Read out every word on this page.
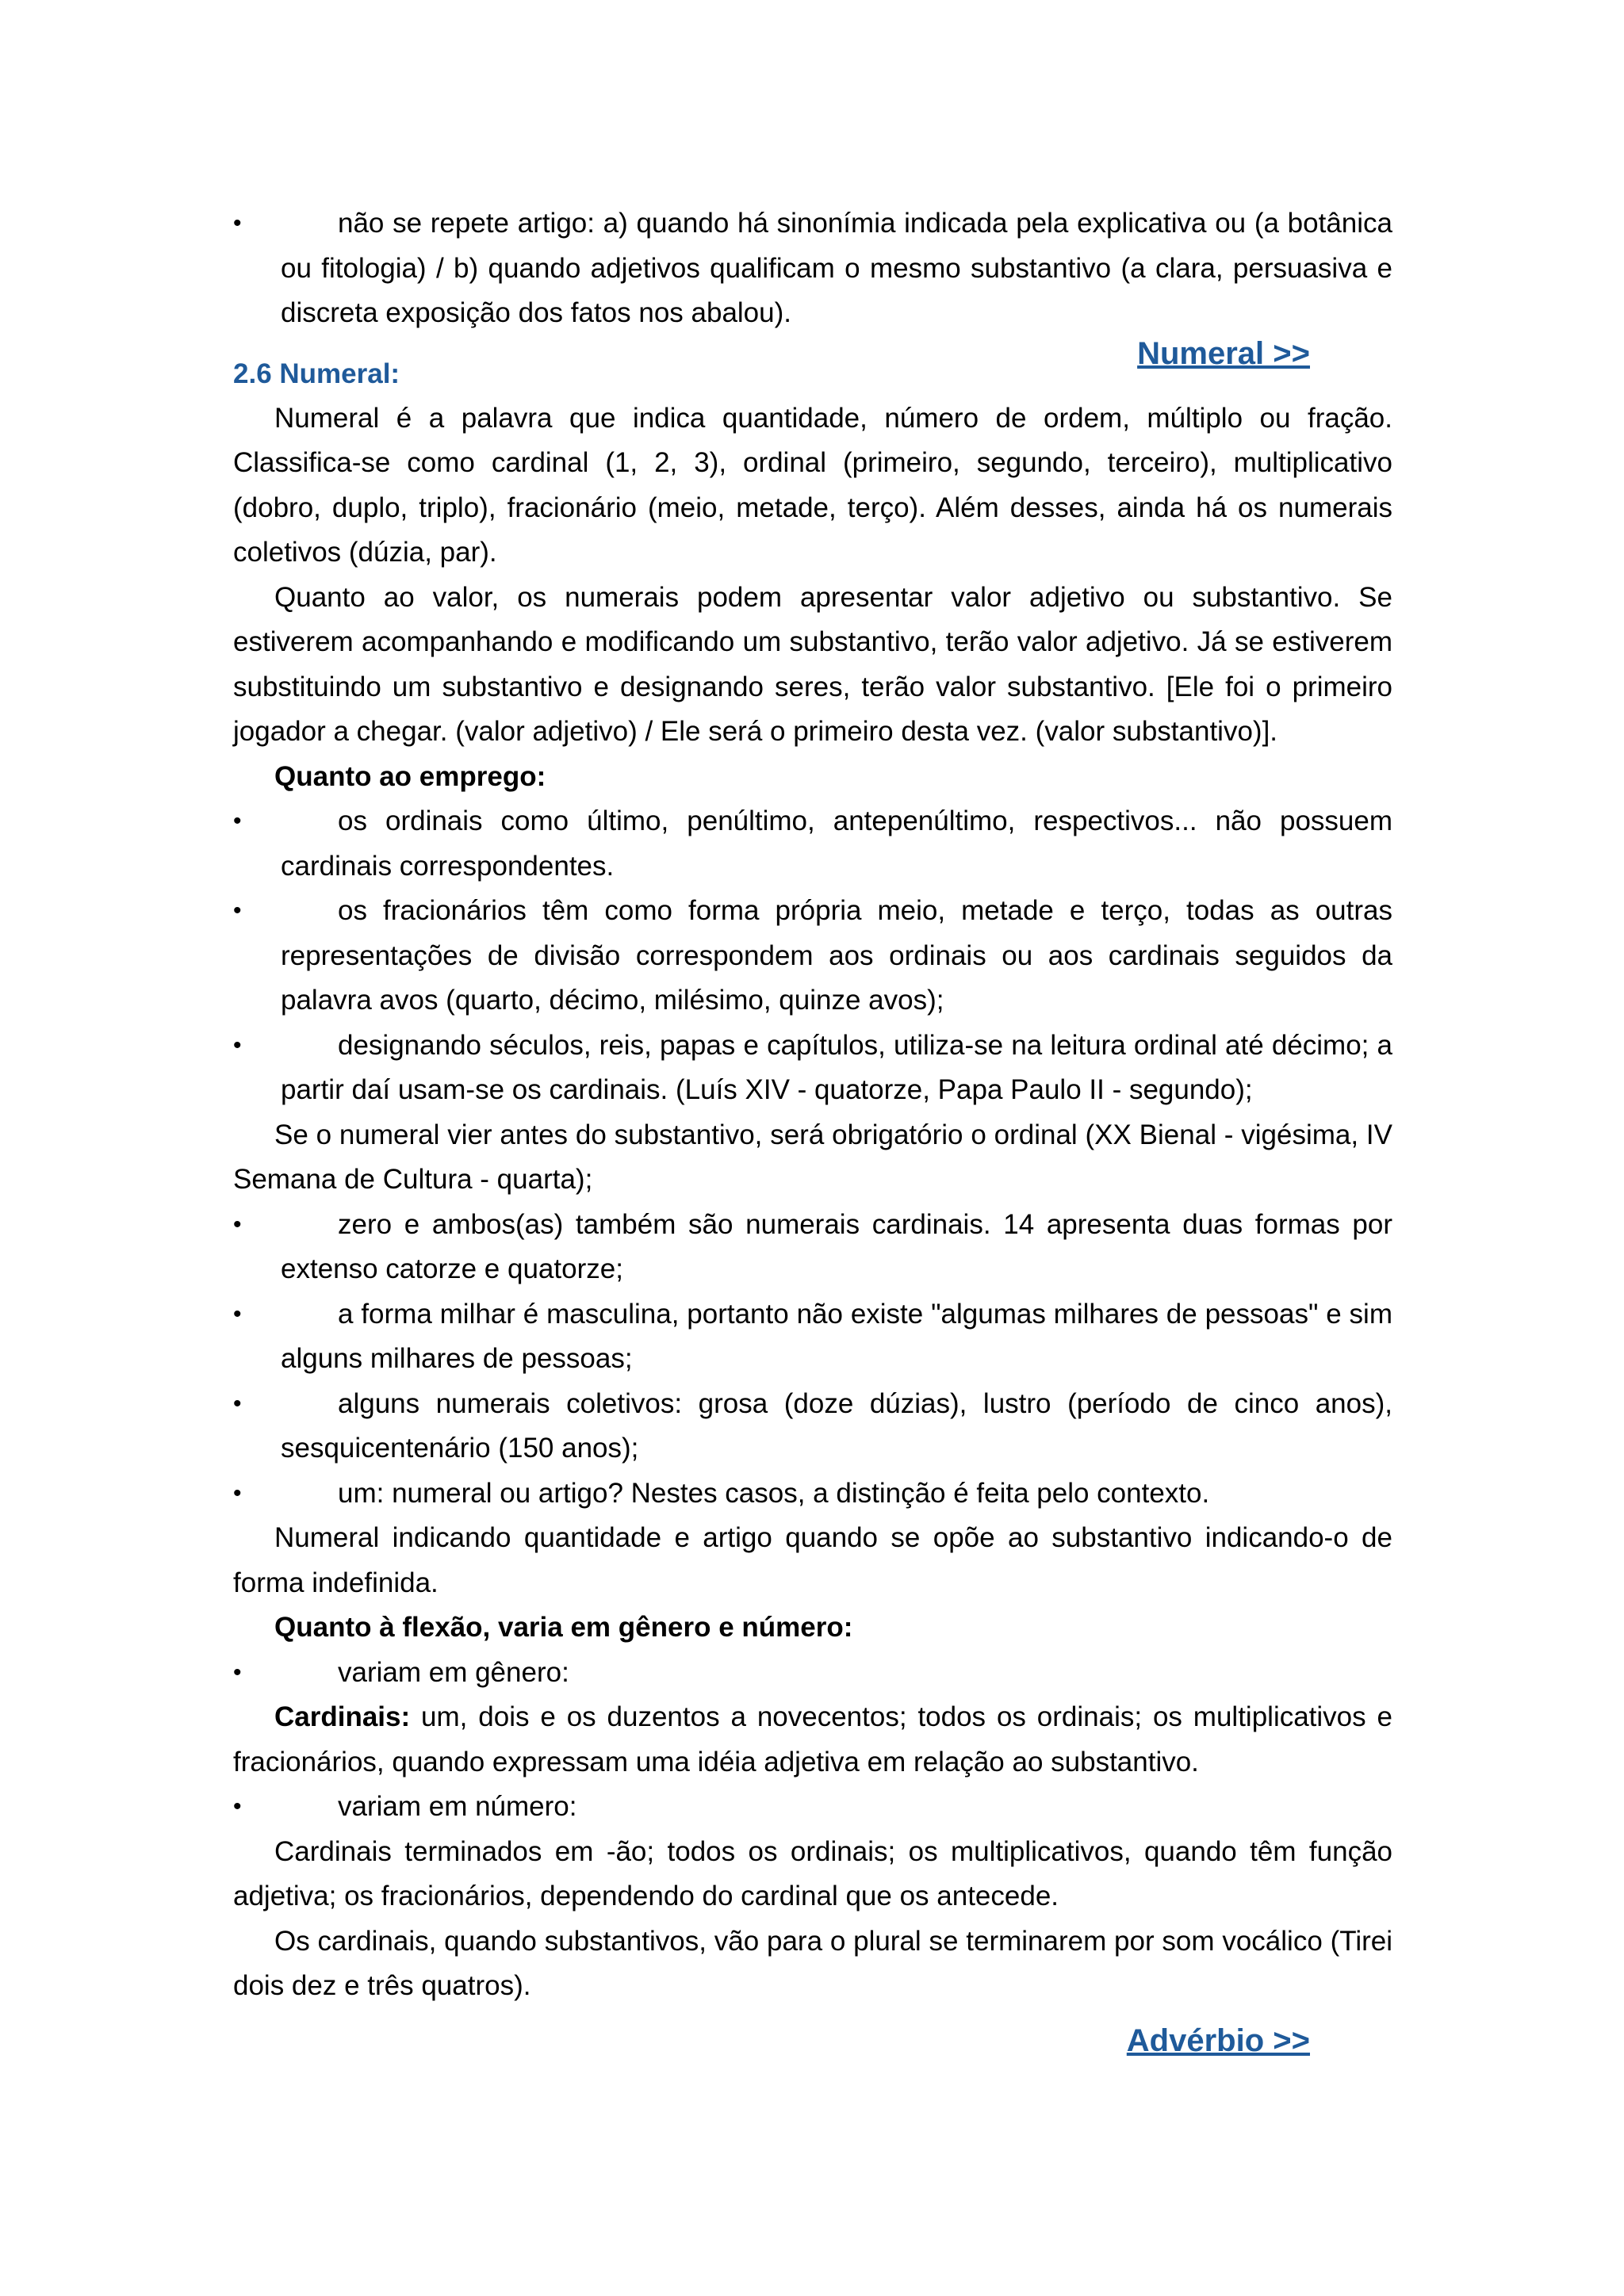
•	não se repete artigo: a) quando há sinonímia indicada pela explicativa ou (a botânica ou fitologia) / b) quando adjetivos qualificam o mesmo substantivo (a clara, persuasiva e discreta exposição dos fatos nos abalou).
Numeral >>

2.6 Numeral:

Numeral é a palavra que indica quantidade, número de ordem, múltiplo ou fração. Classifica-se como cardinal (1, 2, 3), ordinal (primeiro, segundo, terceiro), multiplicativo (dobro, duplo, triplo), fracionário (meio, metade, terço). Além desses, ainda há os numerais coletivos (dúzia, par).

Quanto ao valor, os numerais podem apresentar valor adjetivo ou substantivo. Se estiverem acompanhando e modificando um substantivo, terão valor adjetivo. Já se estiverem substituindo um substantivo e designando seres, terão valor substantivo. [Ele foi o primeiro jogador a chegar. (valor adjetivo) / Ele será o primeiro desta vez. (valor substantivo)].

Quanto ao emprego:

•	os ordinais como último, penúltimo, antepenúltimo, respectivos... não possuem cardinais correspondentes.
•	os fracionários têm como forma própria meio, metade e terço, todas as outras representações de divisão correspondem aos ordinais ou aos cardinais seguidos da palavra avos (quarto, décimo, milésimo, quinze avos);
•	designando séculos, reis, papas e capítulos, utiliza-se na leitura ordinal até décimo; a partir daí usam-se os cardinais. (Luís XIV - quatorze, Papa Paulo II - segundo);

Se o numeral vier antes do substantivo, será obrigatório o ordinal (XX Bienal - vigésima, IV Semana de Cultura - quarta);

•	zero e ambos(as) também são numerais cardinais. 14 apresenta duas formas por extenso catorze e quatorze;
•	a forma milhar é masculina, portanto não existe "algumas milhares de pessoas" e sim alguns milhares de pessoas;
•	alguns numerais coletivos: grosa (doze dúzias), lustro (período de cinco anos), sesquicentenário (150 anos);
•	um: numeral ou artigo? Nestes casos, a distinção é feita pelo contexto.

Numeral indicando quantidade e artigo quando se opõe ao substantivo indicando-o de forma indefinida.

Quanto à flexão, varia em gênero e número:

•	variam em gênero:

Cardinais: um, dois e os duzentos a novecentos; todos os ordinais; os multiplicativos e fracionários, quando expressam uma idéia adjetiva em relação ao substantivo.

•	variam em número:

Cardinais terminados em -ão; todos os ordinais; os multiplicativos, quando têm função adjetiva; os fracionários, dependendo do cardinal que os antecede.

Os cardinais, quando substantivos, vão para o plural se terminarem por som vocálico (Tirei dois dez e três quatros).

Advérbio >>
